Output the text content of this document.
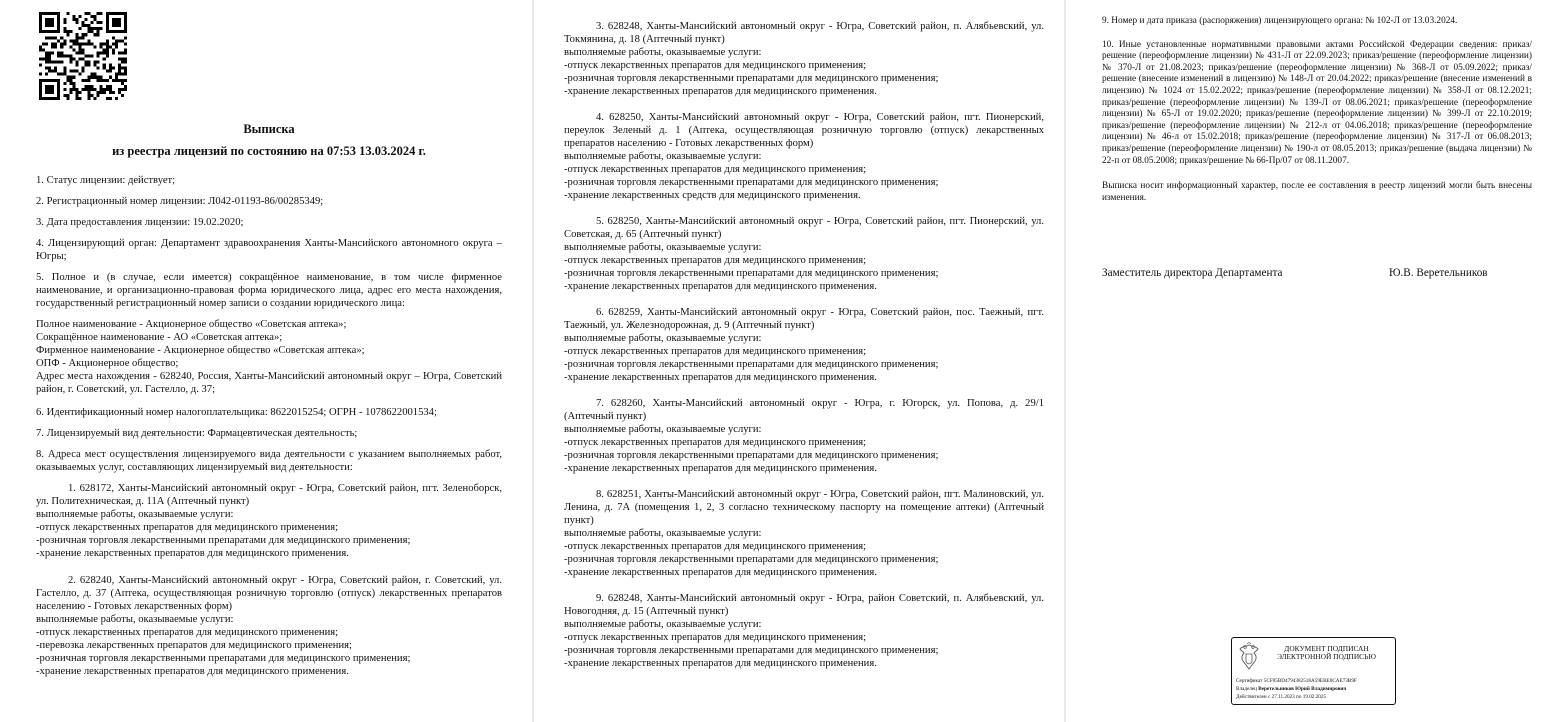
Выписка

из реестра лицензий по состоянию на 07:53 13.03.2024 г.

1. Статус лицензии: действует;

2. Регистрационный номер лицензии: Л042-01193-86/00285349;

3. Дата предоставления лицензии: 19.02.2020;

4. Лицензирующий орган: Департамент здравоохранения Ханты-Мансийского автономного округа – Югры;

5. Полное и (в случае, если имеется) сокращённое наименование, в том числе фирменное наименование, и организационно-правовая форма юридического лица, адрес его места нахождения, государственный регистрационный номер записи о создании юридического лица:

Полное наименование - Акционерное общество «Советская аптека»;

Сокращённое наименование - АО «Советская аптека»;

Фирменное наименование - Акционерное общество «Советская аптека»;

ОПФ - Акционерное общество;

Адрес места нахождения - 628240, Россия, Ханты-Мансийский автономный округ – Югра, Советский район, г. Советский, ул. Гастелло, д. 37;

6. Идентификационный номер налогоплательщика: 8622015254; ОГРН - 1078622001534;

7. Лицензируемый вид деятельности: Фармацевтическая деятельность;

8. Адреса мест осуществления лицензируемого вида деятельности с указанием выполняемых работ, оказываемых услуг, составляющих лицензируемый вид деятельности:

1. 628172, Ханты-Мансийский автономный округ - Югра, Советский район, пгт. Зеленоборск, ул. Политехническая, д. 11А (Аптечный пункт)

выполняемые работы, оказываемые услуги:

-отпуск лекарственных препаратов для медицинского применения;

-розничная торговля лекарственными препаратами для медицинского применения;

-хранение лекарственных препаратов для медицинского применения.

2. 628240, Ханты-Мансийский автономный округ - Югра, Советский район, г. Советский, ул. Гастелло, д. 37 (Аптека, осуществляющая розничную торговлю (отпуск) лекарственных препаратов населению - Готовых лекарственных форм)

выполняемые работы, оказываемые услуги:

-отпуск лекарственных препаратов для медицинского применения;

-перевозка лекарственных препаратов для медицинского применения;

-розничная торговля лекарственными препаратами для медицинского применения;

-хранение лекарственных препаратов для медицинского применения.

3. 628248, Ханты-Мансийский автономный округ - Югра, Советский район, п. Алябьевский, ул. Токмянина, д. 18 (Аптечный пункт)

выполняемые работы, оказываемые услуги:

-отпуск лекарственных препаратов для медицинского применения;

-розничная торговля лекарственными препаратами для медицинского применения;

-хранение лекарственных препаратов для медицинского применения.

4. 628250, Ханты-Мансийский автономный округ - Югра, Советский район, пгт. Пионерский, переулок Зеленый д. 1 (Аптека, осуществляющая розничную торговлю (отпуск) лекарственных препаратов населению - Готовых лекарственных форм)

выполняемые работы, оказываемые услуги:

-отпуск лекарственных препаратов для медицинского применения;

-розничная торговля лекарственными препаратами для медицинского применения;

-хранение лекарственных средств для медицинского применения.

5. 628250, Ханты-Мансийский автономный округ - Югра, Советский район, пгт. Пионерский, ул. Советская, д. 65 (Аптечный пункт)

выполняемые работы, оказываемые услуги:

-отпуск лекарственных препаратов для медицинского применения;

-розничная торговля лекарственными препаратами для медицинского применения;

-хранение лекарственных препаратов для медицинского применения.

6. 628259, Ханты-Мансийский автономный округ - Югра, Советский район, пос. Таежный, пгт. Таежный, ул. Железнодорожная, д. 9 (Аптечный пункт)

выполняемые работы, оказываемые услуги:

-отпуск лекарственных препаратов для медицинского применения;

-розничная торговля лекарственными препаратами для медицинского применения;

-хранение лекарственных препаратов для медицинского применения.

7. 628260, Ханты-Мансийский автономный округ - Югра, г. Югорск, ул. Попова, д. 29/1 (Аптечный пункт)

выполняемые работы, оказываемые услуги:

-отпуск лекарственных препаратов для медицинского применения;

-розничная торговля лекарственными препаратами для медицинского применения;

-хранение лекарственных препаратов для медицинского применения.

8. 628251, Ханты-Мансийский автономный округ - Югра, Советский район, пгт. Малиновский, ул. Ленина, д. 7А (помещения 1, 2, 3 согласно техническому паспорту на помещение аптеки) (Аптечный пункт)

выполняемые работы, оказываемые услуги:

-отпуск лекарственных препаратов для медицинского применения;

-розничная торговля лекарственными препаратами для медицинского применения;

-хранение лекарственных препаратов для медицинского применения.

9. 628248, Ханты-Мансийский автономный округ - Югра, район Советский, п. Алябьевский, ул. Новогодняя, д. 15 (Аптечный пункт)

выполняемые работы, оказываемые услуги:

-отпуск лекарственных препаратов для медицинского применения;

-розничная торговля лекарственными препаратами для медицинского применения;

-хранение лекарственных препаратов для медицинского применения.

9. Номер и дата приказа (распоряжения) лицензирующего органа: № 102-Л от 13.03.2024.

10. Иные установленные нормативными правовыми актами Российской Федерации сведения: приказ/решение (переоформление лицензии) № 431-Л от 22.09.2023; приказ/решение (переоформление лицензии) № 370-Л от 21.08.2023; приказ/решение (переоформление лицензии) № 368-Л от 05.09.2022; приказ/решение (внесение изменений в лицензию) № 148-Л от 20.04.2022; приказ/решение (внесение изменений в лицензию) № 1024 от 15.02.2022; приказ/решение (переоформление лицензии) № 358-Л от 08.12.2021; приказ/решение (переоформление лицензии) № 139-Л от 08.06.2021; приказ/решение (переоформление лицензии) № 65-Л от 19.02.2020; приказ/решение (переоформление лицензии) № 399-Л от 22.10.2019; приказ/решение (переоформление лицензии) № 212-л от 04.06.2018; приказ/решение (переоформление лицензии) № 46-л от 15.02.2018; приказ/решение (переоформление лицензии) № 317-Л от 06.08.2013; приказ/решение (переоформление лицензии) № 190-л от 08.05.2013; приказ/решение (выдача лицензии) № 22-п от 08.05.2008; приказ/решение № 66-Пр/07 от 08.11.2007.

Выписка носит информационный характер, после ее составления в реестр лицензий могли быть внесены изменения.

Заместитель директора Департамента	Ю.В. Веретельников

ДОКУМЕНТ ПОДПИСАН ЭЛЕКТРОННОЙ ПОДПИСЬЮ

Сертификат 5CF05BD4794382518A59EBE0CAE73B9F

Владелец Веретельников Юрий Владимирович

Действителен с 27.11.2023 по 19.02.2025
